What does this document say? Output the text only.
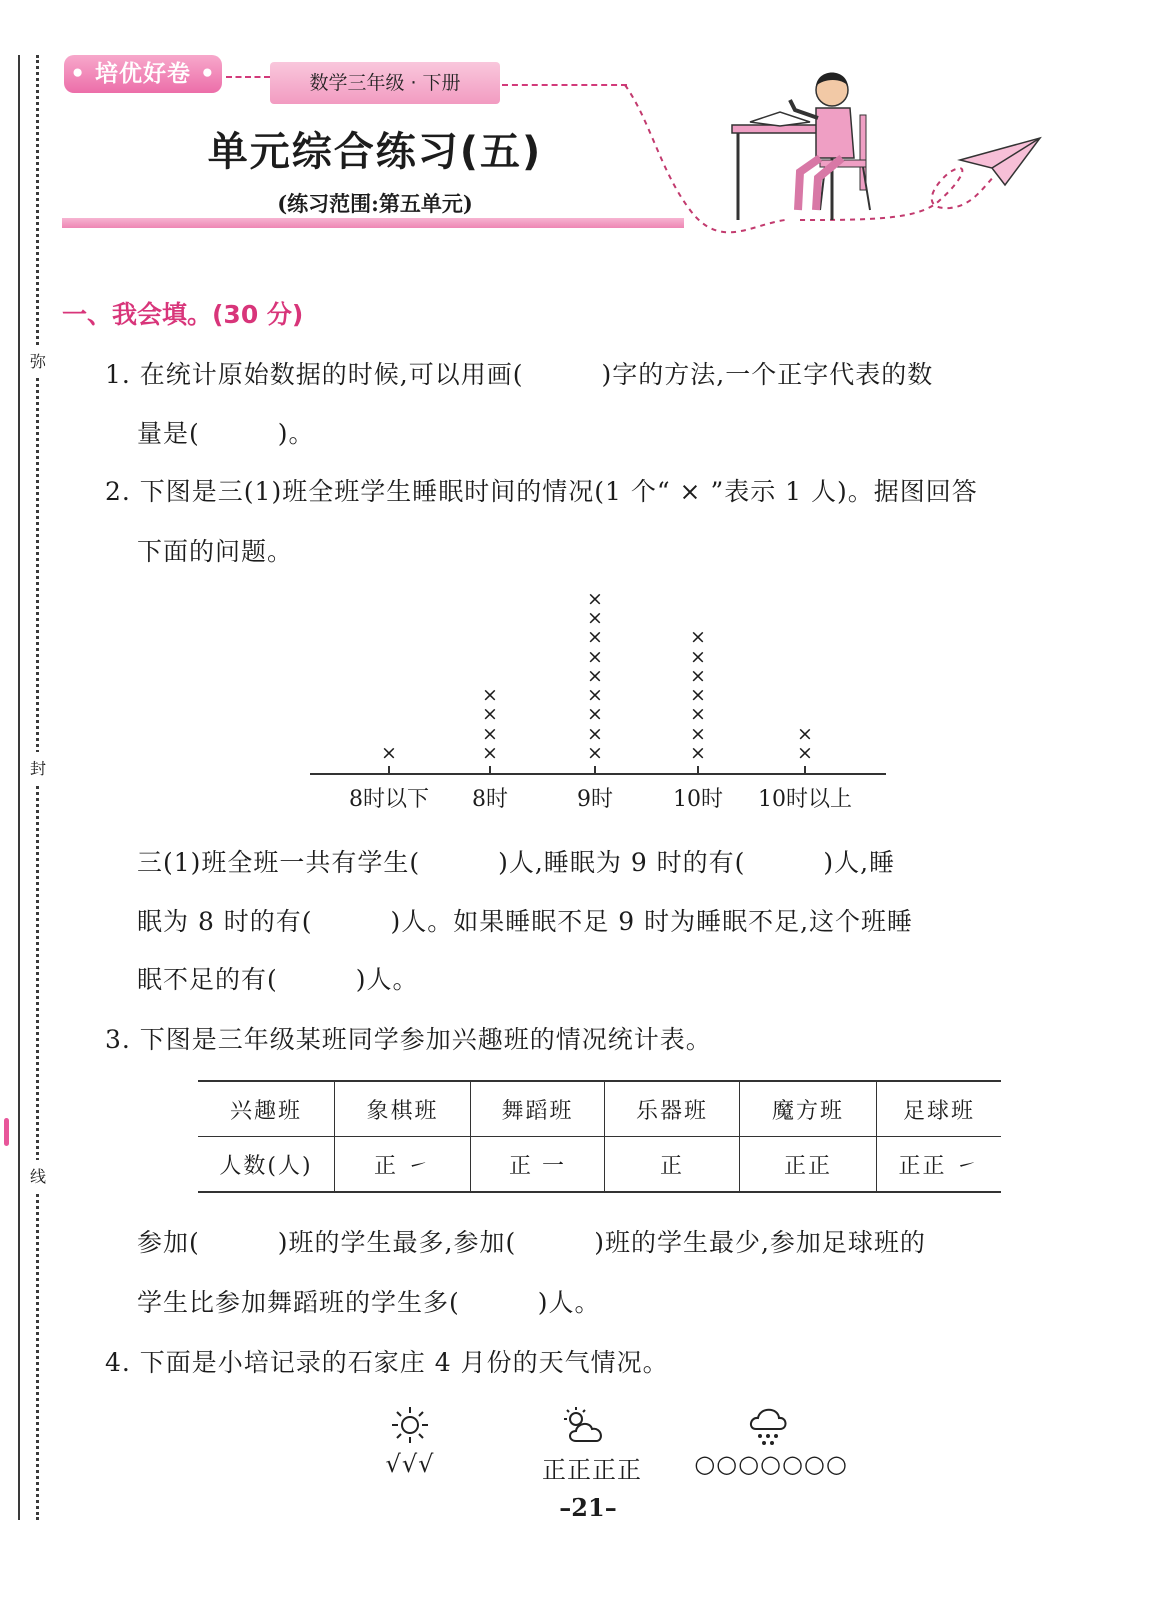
弥
封
线
• 培优好卷 •	数学三年级 · 下册
单元综合练习(五)
(练习范围:第五单元)
一、我会填。(30 分)
1. 在统计原始数据的时候,可以用画(　　　)字的方法,一个正字代表的数
量是(　　　)。
2. 下图是三(1)班全班学生睡眠时间的情况(1 个“ × ”表示 1 人)。据图回答
下面的问题。
8时以下
×
8时
×
×
×
×
9时
×
×
×
×
×
×
×
×
×
10时
×
×
×
×
×
×
×
10时以上
×
×
三(1)班全班一共有学生(　　　)人,睡眠为 9 时的有(　　　)人,睡
眠为 8 时的有(　　　)人。如果睡眠不足 9 时为睡眠不足,这个班睡
眠不足的有(　　　)人。
3. 下图是三年级某班同学参加兴趣班的情况统计表。
兴趣班	象棋班	舞蹈班	乐器班	魔方班	足球班
人数(人)	正 ㇀	正 一	正	正正	正正 ㇀
参加(　　　)班的学生最多,参加(　　　)班的学生最少,参加足球班的
学生比参加舞蹈班的学生多(　　　)人。
4. 下面是小培记录的石家庄 4 月份的天气情况。
√√√	正正正正 ○○○○○○○
–21–
